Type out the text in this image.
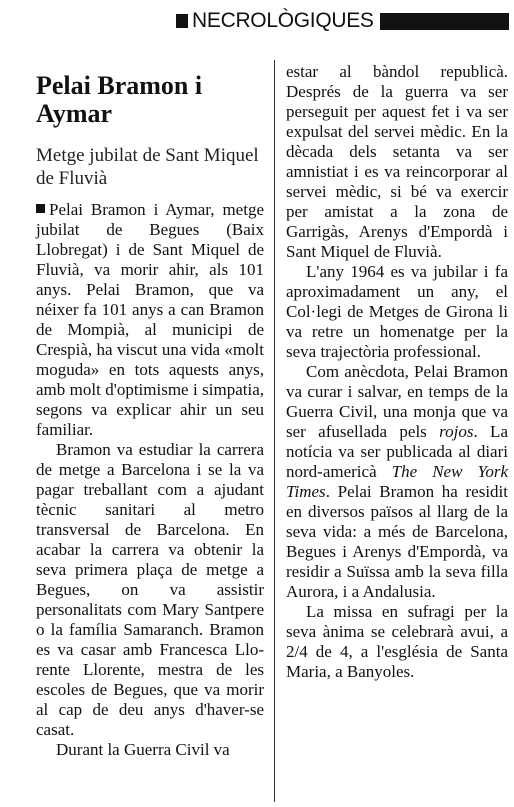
NECROLÒGIQUES
Pelai Bramon i Aymar
Metge jubilat de Sant Miquel de Fluvià

Pelai Bramon i Aymar, metge jubilat de Begues (Baix Llobregat) i de Sant Miquel de Fluvià, va morir ahir, als 101 anys. Pelai Bramon, que va néixer fa 101 anys a can Bramon de Mompià, al municipi de Crespià, ha viscut una vida «molt moguda» en tots aquests anys, amb molt d'optimisme i simpatia, segons va explicar ahir un seu familiar.

Bramon va estudiar la carrera de metge a Barcelona i se la va pagar treballant com a ajudant tècnic sanitari al metro transversal de Barcelona. En acabar la carrera va obtenir la seva primera plaça de metge a Begues, on va assistir personalitats com Mary Santpere o la família Samaranch. Bramon es va casar amb Francesca Llorente Llorente, mestra de les escoles de Begues, que va morir al cap de deu anys d'haver-se casat.

Durant la Guerra Civil va

estar al bàndol republicà. Després de la guerra va ser perseguit per aquest fet i va ser expulsat del servei mèdic. En la dècada dels setanta va ser amnistiat i es va reincorporar al servei mèdic, si bé va exercir per amistat a la zona de Garrigàs, Arenys d'Empordà i Sant Miquel de Fluvià.

L'any 1964 es va jubilar i fa aproximadament un any, el Col·legi de Metges de Girona li va retre un homenatge per la seva trajectòria professional.

Com anècdota, Pelai Bramon va curar i salvar, en temps de la Guerra Civil, una monja que va ser afusellada pels rojos. La notícia va ser publicada al diari nord-americà The New York Times. Pelai Bramon ha residit en diversos països al llarg de la seva vida: a més de Barcelona, Begues i Arenys d'Empordà, va residir a Suïssa amb la seva filla Aurora, i a Andalusia.

La missa en sufragi per la seva ànima se celebrarà avui, a 2/4 de 4, a l'església de Santa Maria, a Banyoles.
